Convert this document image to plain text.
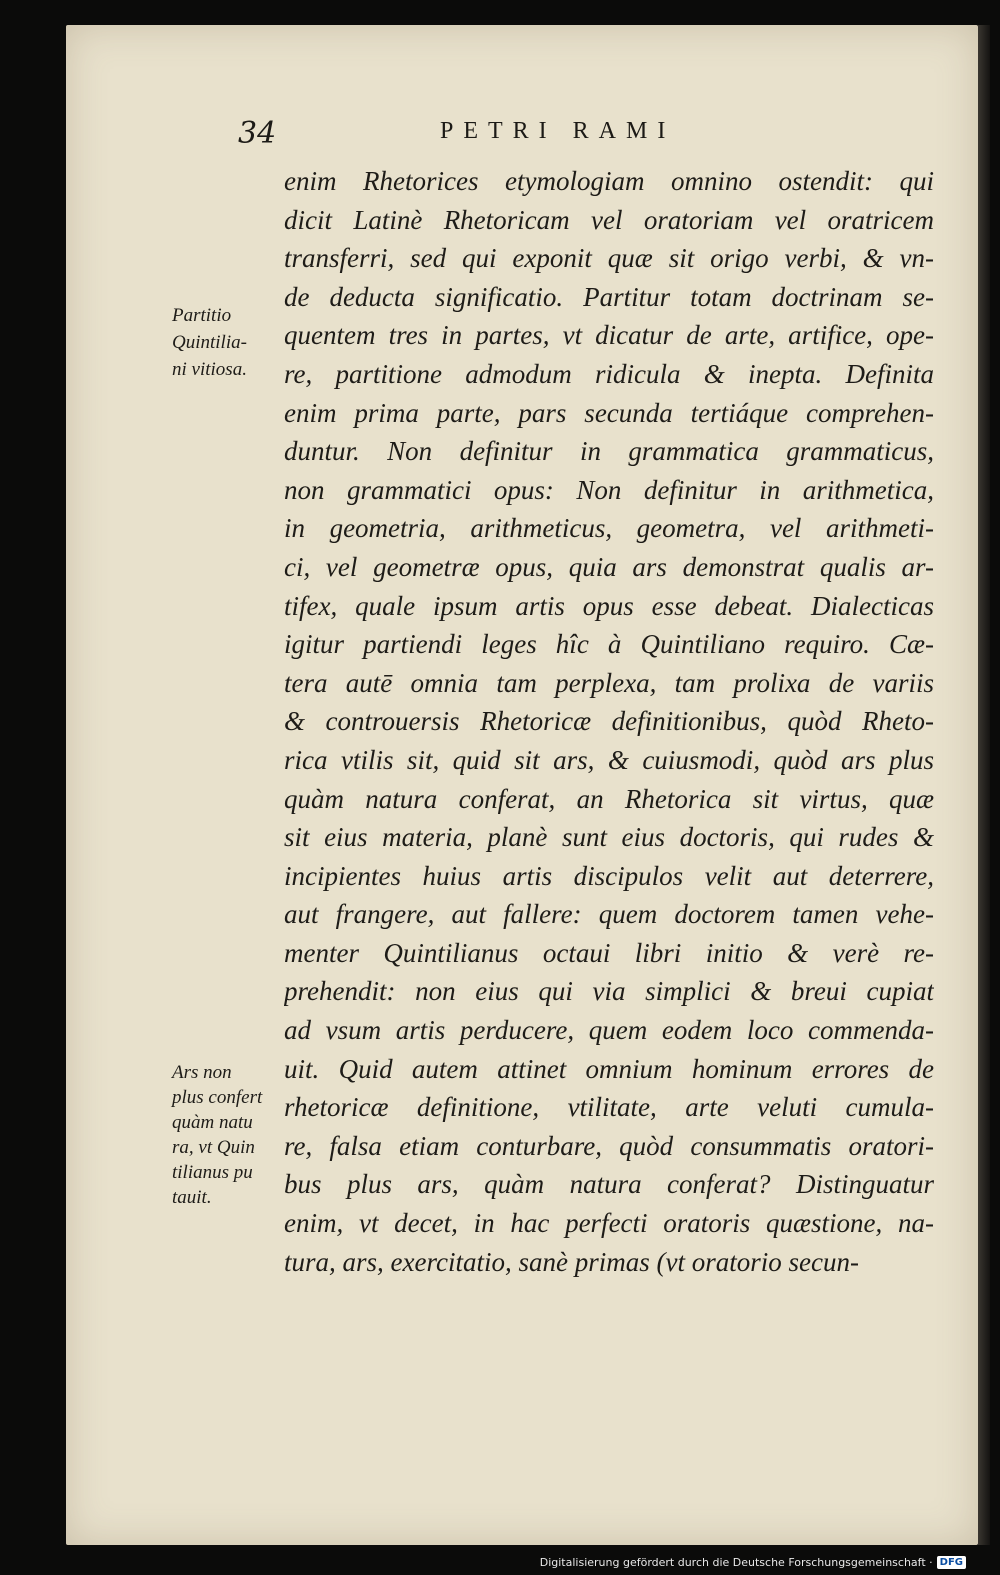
34	PETRI RAMI
Partitio
Quintilia-
ni vitiosa.
Ars non
plus confert
quàm natu
ra, vt Quin
tilianus pu
tauit.
enim Rhetorices etymologiam omnino ostendit: qui
dicit Latinè Rhetoricam vel oratoriam vel oratricem
transferri, sed qui exponit quæ sit origo verbi, & vn-
de deducta significatio. Partitur totam doctrinam se-
quentem tres in partes, vt dicatur de arte, artifice, ope-
re, partitione admodum ridicula & inepta. Definita
enim prima parte, pars secunda tertiáque comprehen-
duntur. Non definitur in grammatica grammaticus,
non grammatici opus: Non definitur in arithmetica,
in geometria, arithmeticus, geometra, vel arithmeti-
ci, vel geometræ opus, quia ars demonstrat qualis ar-
tifex, quale ipsum artis opus esse debeat. Dialecticas
igitur partiendi leges hîc à Quintiliano requiro. Cæ-
tera autē omnia tam perplexa, tam prolixa de variis
& controuersis Rhetoricæ definitionibus, quòd Rheto-
rica vtilis sit, quid sit ars, & cuiusmodi, quòd ars plus
quàm natura conferat, an Rhetorica sit virtus, quæ
sit eius materia, planè sunt eius doctoris, qui rudes &
incipientes huius artis discipulos velit aut deterrere,
aut frangere, aut fallere: quem doctorem tamen vehe-
menter Quintilianus octaui libri initio & verè re-
prehendit: non eius qui via simplici & breui cupiat
ad vsum artis perducere, quem eodem loco commenda-
uit. Quid autem attinet omnium hominum errores de
rhetoricæ definitione, vtilitate, arte veluti cumula-
re, falsa etiam conturbare, quòd consummatis oratori-
bus plus ars, quàm natura conferat? Distinguatur
enim, vt decet, in hac perfecti oratoris quæstione, na-
tura, ars, exercitatio, sanè primas (vt oratorio secun-
Digitalisierung gefördert durch die Deutsche Forschungsgemeinschaft · DFG
